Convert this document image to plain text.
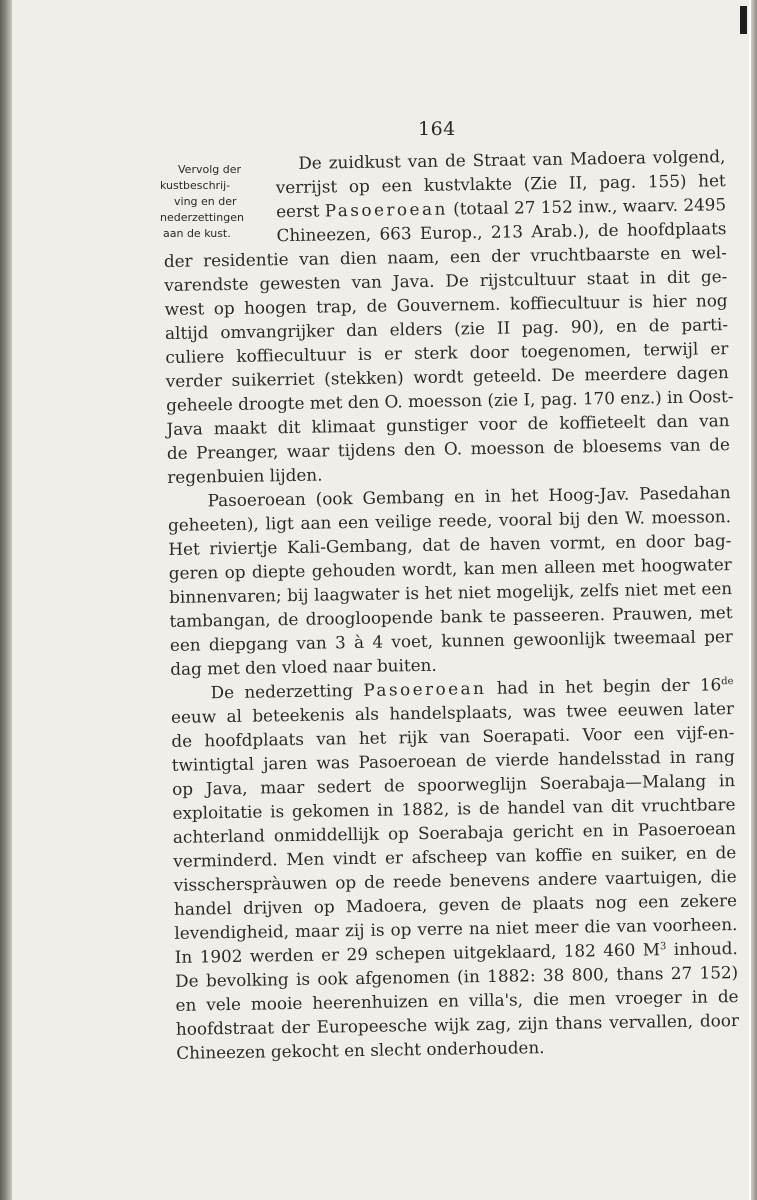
164
Vervolg der
kustbeschrij-
ving en der
nederzettingen
aan de kust.
De zuidkust van de Straat van Madoera volgend,
verrijst op een kustvlakte (Zie II, pag. 155) het
eerst Pasoeroean (totaal 27 152 inw., waarv. 2495
Chineezen, 663 Europ., 213 Arab.), de hoofdplaats
der residentie van dien naam, een der vruchtbaarste en wel-
varendste gewesten van Java. De rijstcultuur staat in dit ge-
west op hoogen trap, de Gouvernem. koffiecultuur is hier nog
altijd omvangrijker dan elders (zie II pag. 90), en de parti-
culiere koffiecultuur is er sterk door toegenomen, terwijl er
verder suikerriet (stekken) wordt geteeld. De meerdere dagen
geheele droogte met den O. moesson (zie I, pag. 170 enz.) in Oost-
Java maakt dit klimaat gunstiger voor de koffieteelt dan van
de Preanger, waar tijdens den O. moesson de bloesems van de
regenbuien lijden.
Pasoeroean (ook Gembang en in het Hoog-Jav. Pasedahan
geheeten), ligt aan een veilige reede, vooral bij den W. moesson.
Het riviertje Kali-Gembang, dat de haven vormt, en door bag-
geren op diepte gehouden wordt, kan men alleen met hoogwater
binnenvaren; bij laagwater is het niet mogelijk, zelfs niet met een
tambangan, de droogloopende bank te passeeren. Prauwen, met
een diepgang van 3 à 4 voet, kunnen gewoonlijk tweemaal per
dag met den vloed naar buiten.
De nederzetting Pasoeroean had in het begin der 16de
eeuw al beteekenis als handelsplaats, was twee eeuwen later
de hoofdplaats van het rijk van Soerapati. Voor een vijf-en-
twintigtal jaren was Pasoeroean de vierde handelsstad in rang
op Java, maar sedert de spoorweglijn Soerabaja—Malang in
exploitatie is gekomen in 1882, is de handel van dit vruchtbare
achterland onmiddellijk op Soerabaja gericht en in Pasoeroean
verminderd. Men vindt er afscheep van koffie en suiker, en de
visscherspràuwen op de reede benevens andere vaartuigen, die
handel drijven op Madoera, geven de plaats nog een zekere
levendigheid, maar zij is op verre na niet meer die van voorheen.
In 1902 werden er 29 schepen uitgeklaard, 182 460 $M^3$ inhoud.
De bevolking is ook afgenomen (in 1882: 38 800, thans 27 152)
en vele mooie heerenhuizen en villa's, die men vroeger in de
hoofdstraat der Europeesche wijk zag, zijn thans vervallen, door
Chineezen gekocht en slecht onderhouden.
